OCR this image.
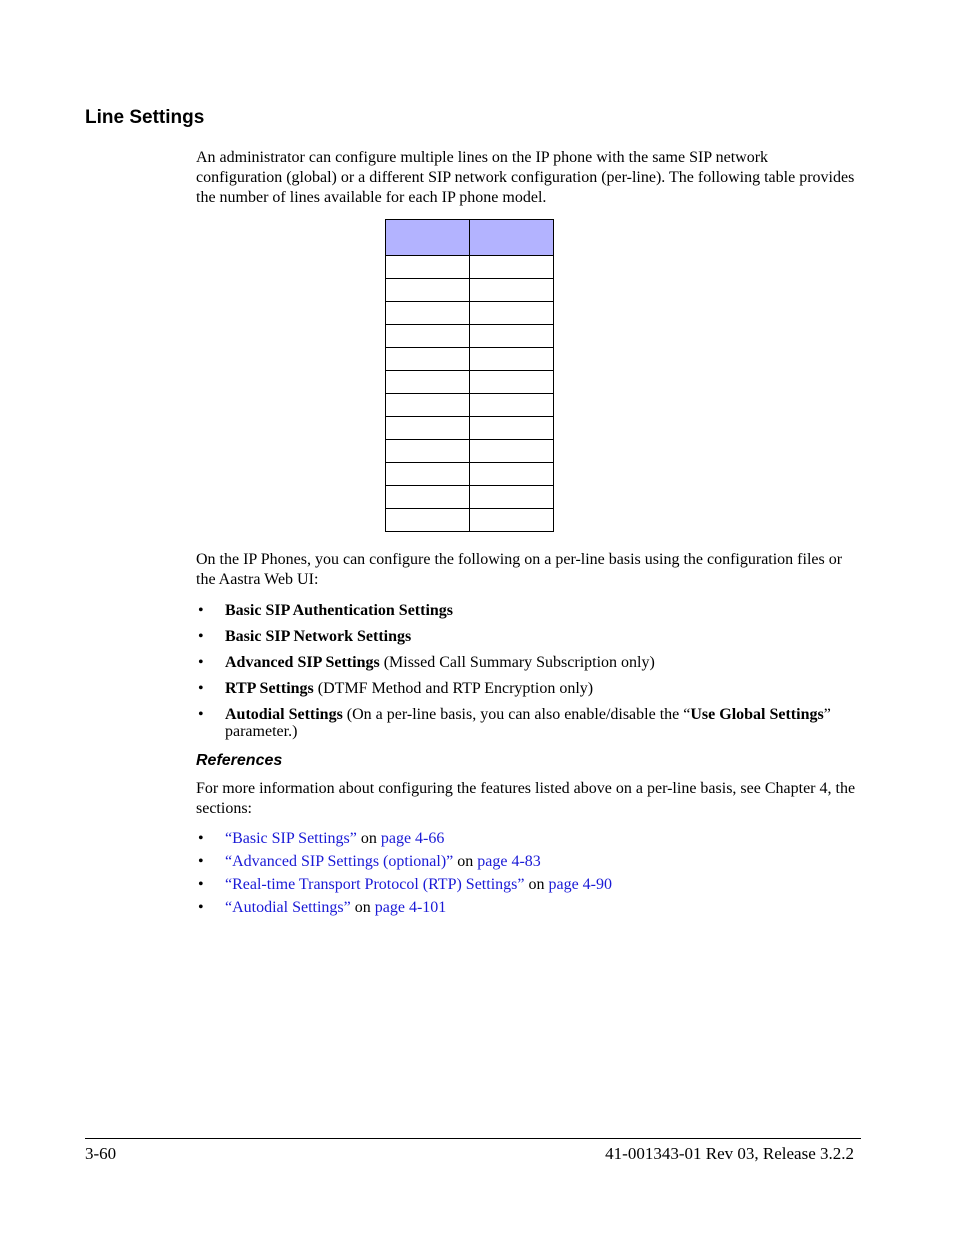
Line Settings

An administrator can configure multiple lines on the IP phone with the same SIP network configuration (global) or a different SIP network configuration (per-line). The following table provides the number of lines available for each IP phone model.

On the IP Phones, you can configure the following on a per-line basis using the configuration files or the Aastra Web UI:

• Basic SIP Authentication Settings
• Basic SIP Network Settings
• Advanced SIP Settings (Missed Call Summary Subscription only)
• RTP Settings (DTMF Method and RTP Encryption only)
• Autodial Settings (On a per-line basis, you can also enable/disable the “Use Global Settings” parameter.)
References

For more information about configuring the features listed above on a per-line basis, see Chapter 4, the sections:

• “Basic SIP Settings” on page 4-66
• “Advanced SIP Settings (optional)” on page 4-83
• “Real-time Transport Protocol (RTP) Settings” on page 4-90
• “Autodial Settings” on page 4-101
3-60	41-001343-01 Rev 03, Release 3.2.2
